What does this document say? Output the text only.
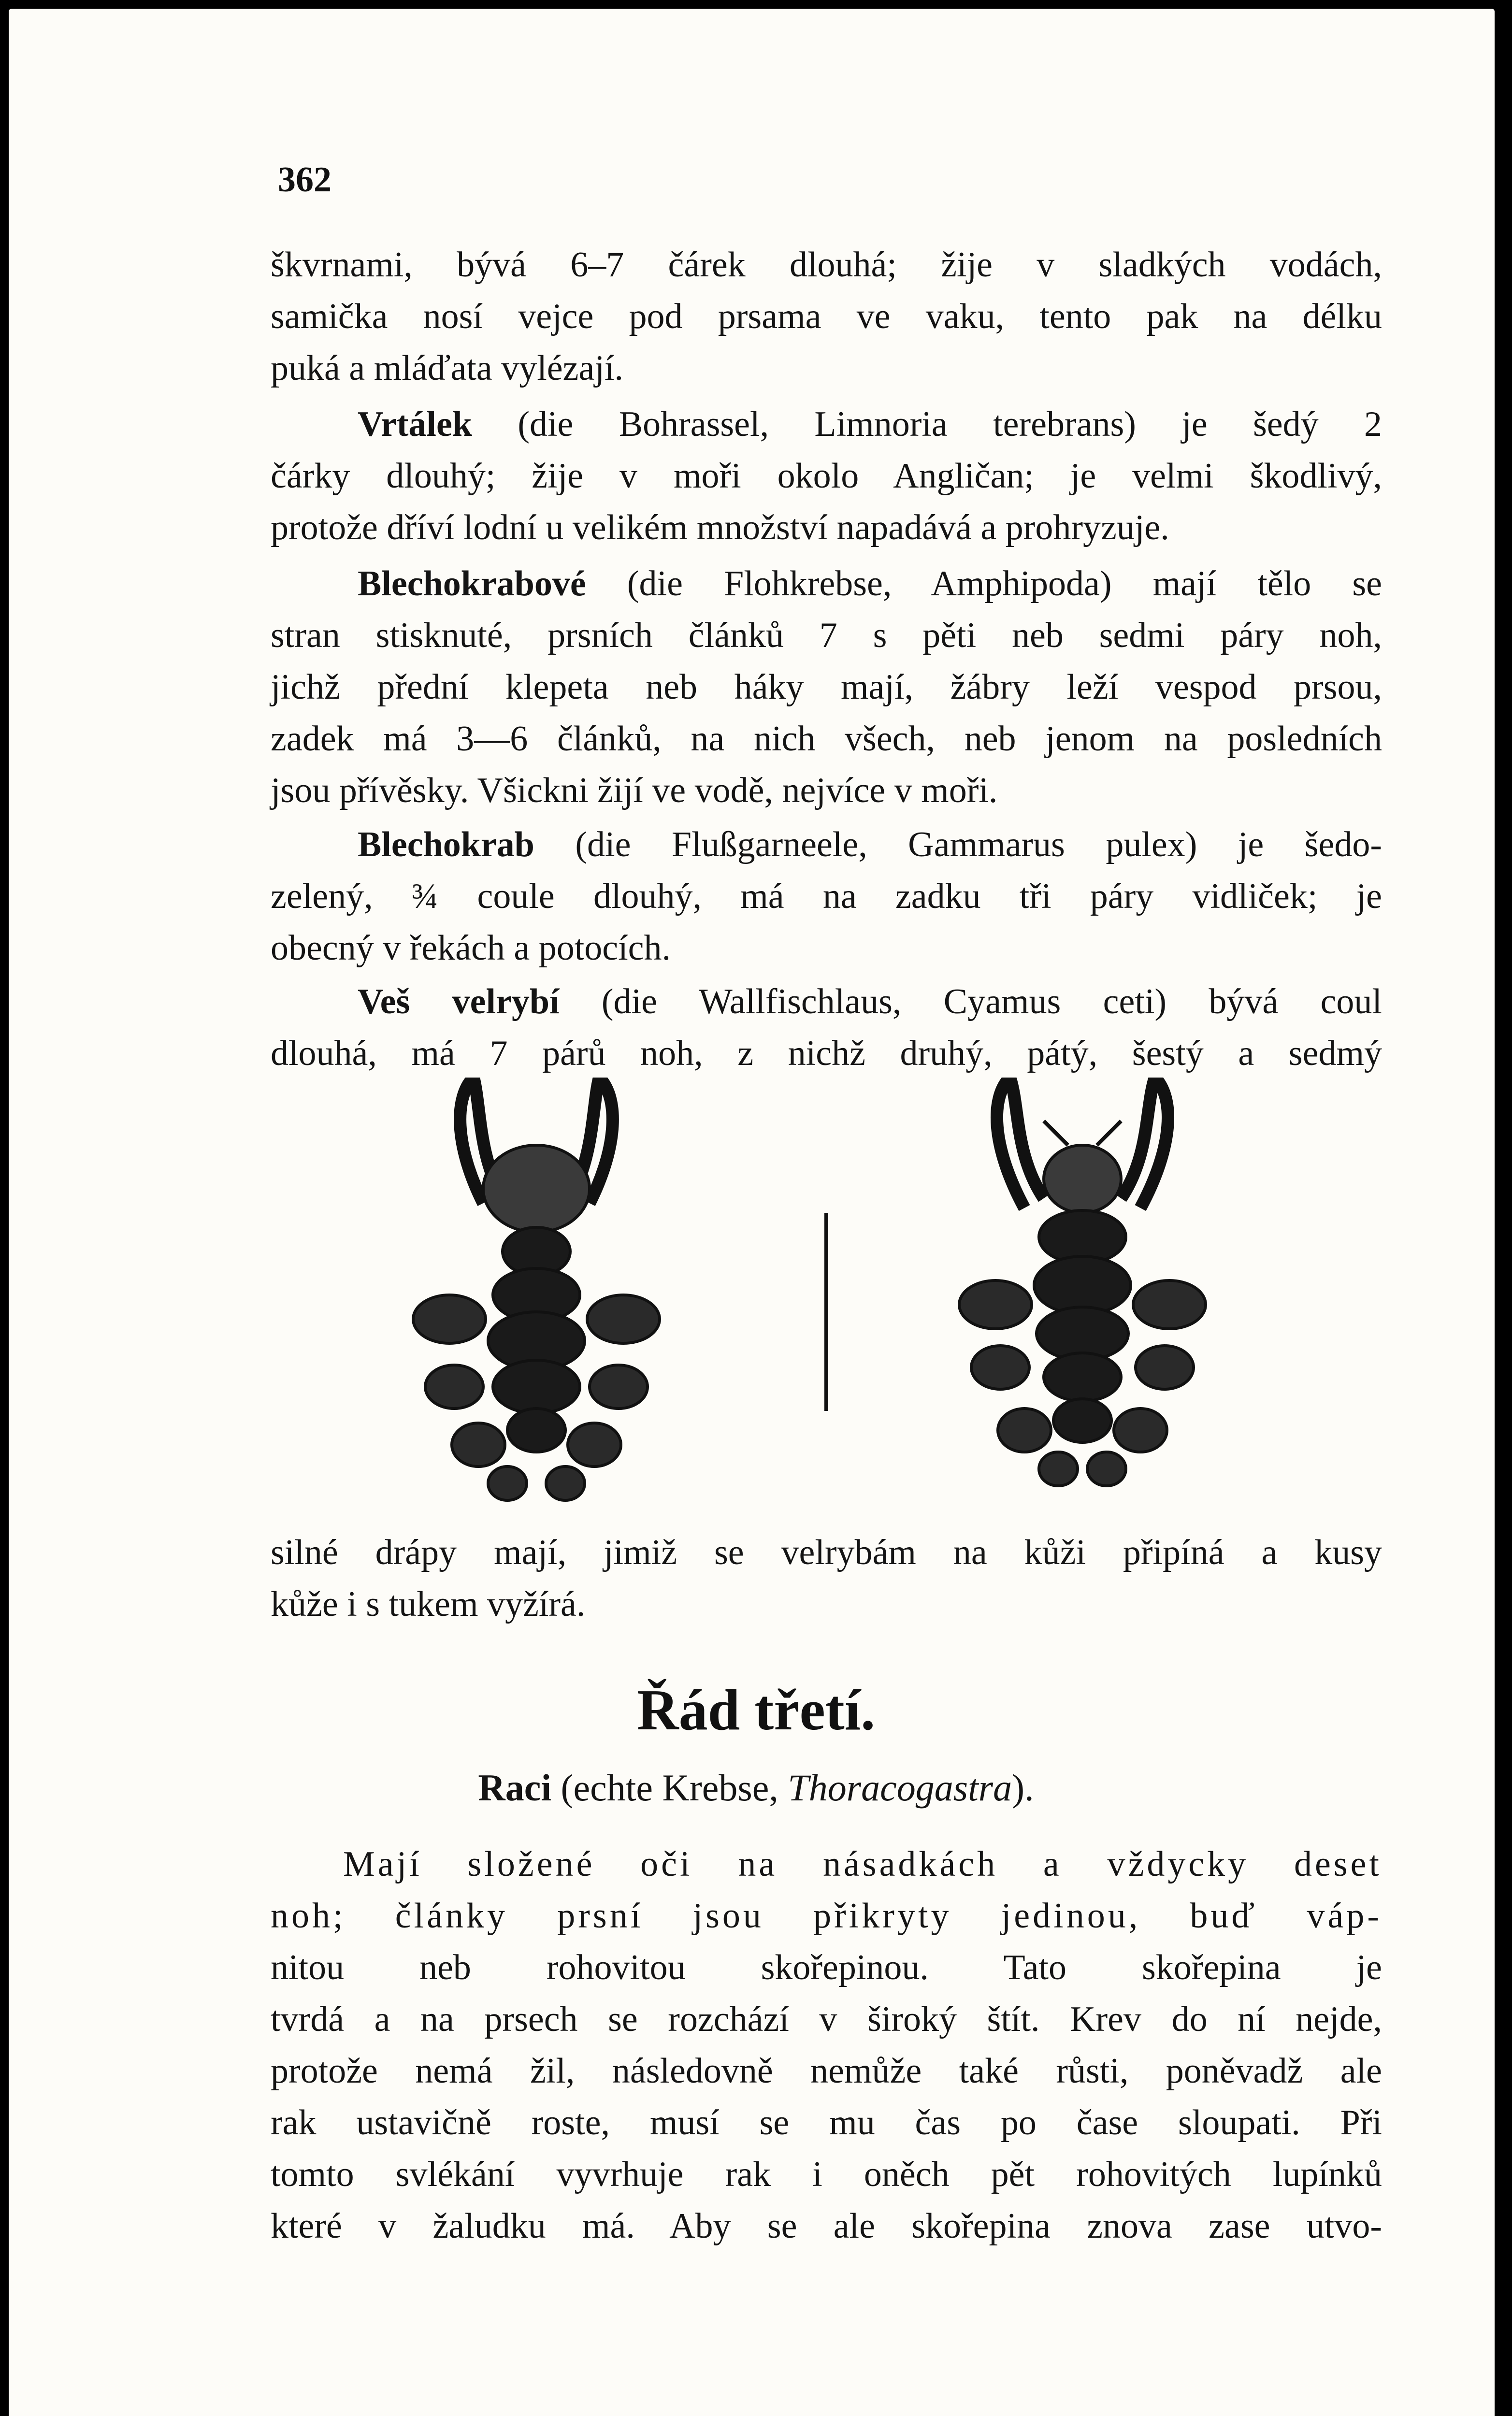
362
škvrnami, bývá 6–7 čárek dlouhá; žije v sladkých vodách,
samička nosí vejce pod prsama ve vaku, tento pak na délku
puká a mláďata vylézají.
Vrtálek (die Bohrassel, Limnoria terebrans) je šedý 2
čárky dlouhý; žije v moři okolo Angličan; je velmi škodlivý,
protože dříví lodní u velikém množství napadává a prohryzuje.
Blechokrabové (die Flohkrebse, Amphipoda) mají tělo se
stran stisknuté, prsních článků 7 s pěti neb sedmi páry noh,
jichž přední klepeta neb háky mají, žábry leží vespod prsou,
zadek má 3—6 článků, na nich všech, neb jenom na posledních
jsou přívěsky. Všickni žijí ve vodě, nejvíce v moři.
Blechokrab (die Flußgarneele, Gammarus pulex) je šedo-
zelený, ¾ coule dlouhý, má na zadku tři páry vidliček; je
obecný v řekách a potocích.
Veš velrybí (die Wallfischlaus, Cyamus ceti) bývá coul
dlouhá, má 7 párů noh, z nichž druhý, pátý, šestý a sedmý
silné drápy mají, jimiž se velrybám na kůži připíná a kusy
kůže i s tukem vyžírá.
Řád třetí.
Raci (echte Krebse, Thoracogastra).
Mají složené oči na násadkách a vždycky deset
noh; články prsní jsou přikryty jedinou, buď váp-
nitou neb rohovitou skořepinou. Tato skořepina je
tvrdá a na prsech se rozchází v široký štít. Krev do ní nejde,
protože nemá žil, následovně nemůže také růsti, poněvadž ale
rak ustavičně roste, musí se mu čas po čase sloupati. Při
tomto svlékání vyvrhuje rak i oněch pět rohovitých lupínků
které v žaludku má. Aby se ale skořepina znova zase utvo-
